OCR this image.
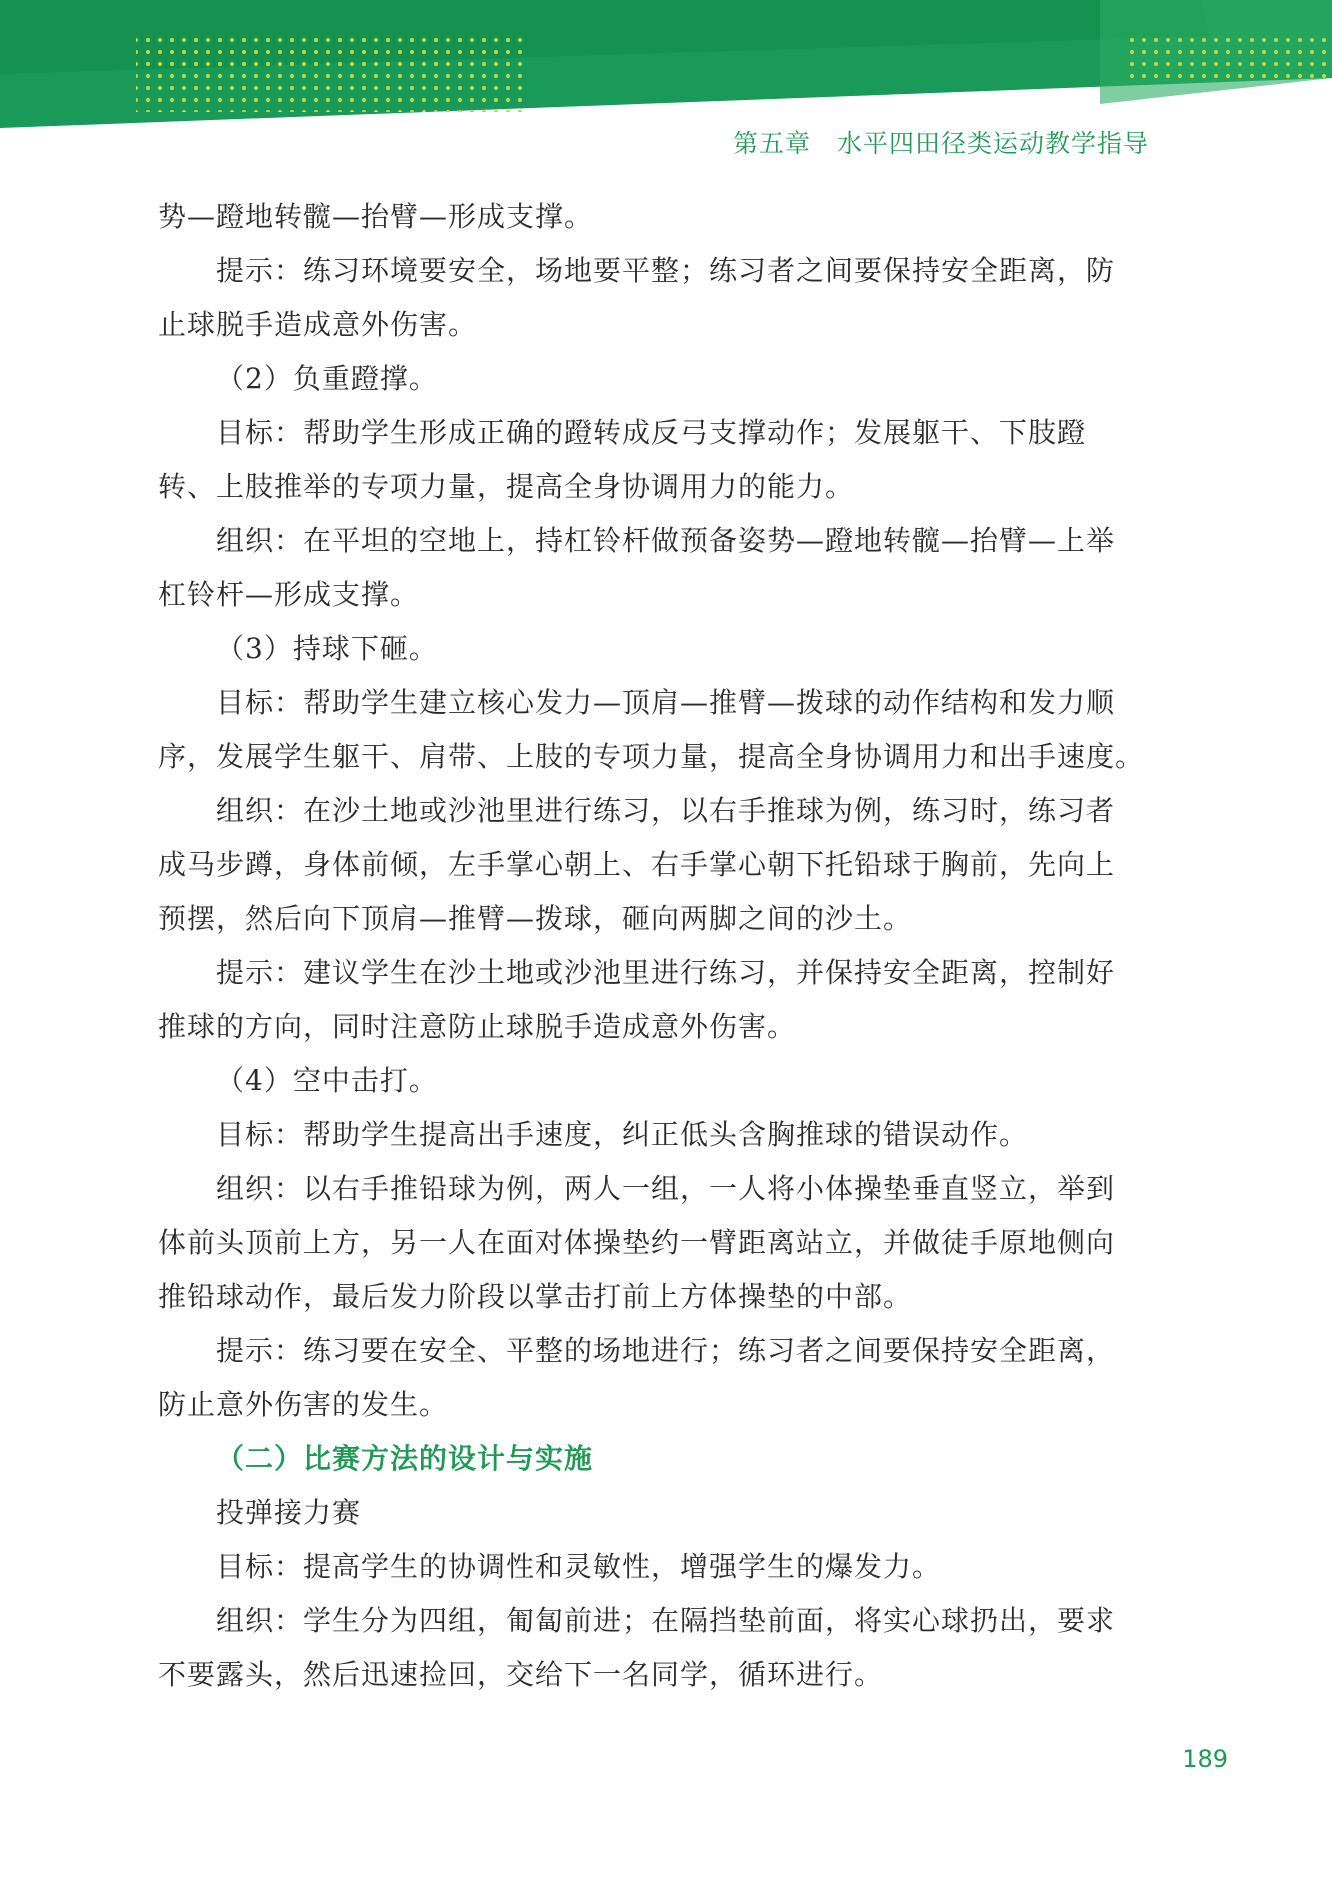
第五章　水平四田径类运动教学指导

势—蹬地转髋—抬臂—形成支撑。

提示：练习环境要安全，场地要平整；练习者之间要保持安全距离，防

止球脱手造成意外伤害。

（2）负重蹬撑。

目标：帮助学生形成正确的蹬转成反弓支撑动作；发展躯干、下肢蹬

转、上肢推举的专项力量，提高全身协调用力的能力。

组织：在平坦的空地上，持杠铃杆做预备姿势—蹬地转髋—抬臂—上举

杠铃杆—形成支撑。

（3）持球下砸。

目标：帮助学生建立核心发力—顶肩—推臂—拨球的动作结构和发力顺

序，发展学生躯干、肩带、上肢的专项力量，提高全身协调用力和出手速度。

组织：在沙土地或沙池里进行练习，以右手推球为例，练习时，练习者

成马步蹲，身体前倾，左手掌心朝上、右手掌心朝下托铅球于胸前，先向上

预摆，然后向下顶肩—推臂—拨球，砸向两脚之间的沙土。

提示：建议学生在沙土地或沙池里进行练习，并保持安全距离，控制好

推球的方向，同时注意防止球脱手造成意外伤害。

（4）空中击打。

目标：帮助学生提高出手速度，纠正低头含胸推球的错误动作。

组织：以右手推铅球为例，两人一组，一人将小体操垫垂直竖立，举到

体前头顶前上方，另一人在面对体操垫约一臂距离站立，并做徒手原地侧向

推铅球动作，最后发力阶段以掌击打前上方体操垫的中部。

提示：练习要在安全、平整的场地进行；练习者之间要保持安全距离，

防止意外伤害的发生。

（二）比赛方法的设计与实施

投弹接力赛

目标：提高学生的协调性和灵敏性，增强学生的爆发力。

组织：学生分为四组，匍匐前进；在隔挡垫前面，将实心球扔出，要求

不要露头，然后迅速捡回，交给下一名同学，循环进行。

189
